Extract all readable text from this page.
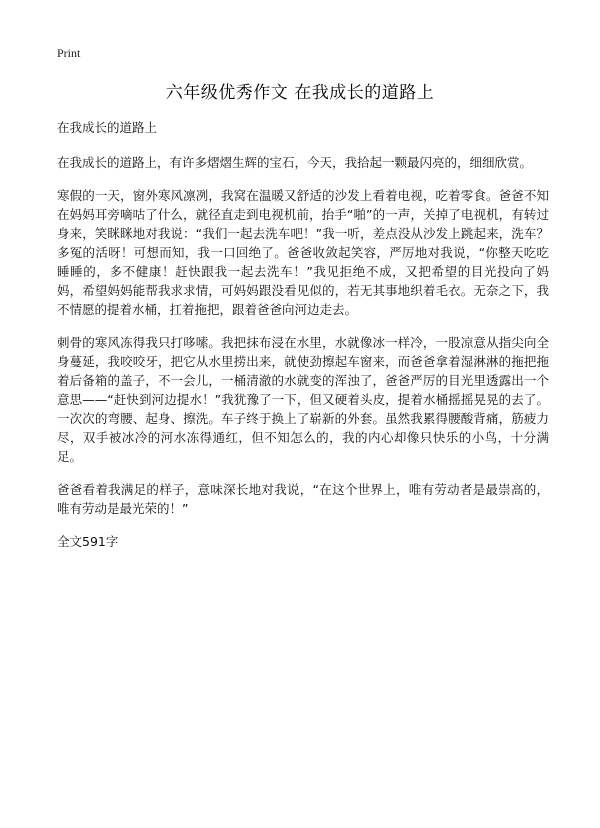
Print
六年级优秀作文 在我成长的道路上

在我成长的道路上

在我成长的道路上，有许多熠熠生辉的宝石，今天，我拾起一颗最闪亮的，细细欣赏。

寒假的一天，窗外寒风凛冽，我窝在温暖又舒适的沙发上看着电视，吃着零食。爸爸不知在妈妈耳旁嘀咕了什么，就径直走到电视机前，抬手“啪”的一声，关掉了电视机，有转过身来，笑眯眯地对我说：“我们一起去洗车吧！”我一听，差点没从沙发上跳起来，洗车？多冤的活呀！可想而知，我一口回绝了。爸爸收敛起笑容，严厉地对我说，“你整天吃吃睡睡的，多不健康！赶快跟我一起去洗车！”我见拒绝不成，又把希望的目光投向了妈妈，希望妈妈能帮我求求情，可妈妈跟没看见似的，若无其事地织着毛衣。无奈之下，我不情愿的提着水桶，扛着拖把，跟着爸爸向河边走去。

刺骨的寒风冻得我只打哆嗦。我把抹布浸在水里，水就像冰一样冷，一股凉意从指尖向全身蔓延，我咬咬牙，把它从水里捞出来，就使劲擦起车窗来，而爸爸拿着湿淋淋的拖把拖着后备箱的盖子，不一会儿，一桶清澈的水就变的浑浊了，爸爸严厉的目光里透露出一个意思——“赶快到河边提水！”我犹豫了一下，但又硬着头皮，提着水桶摇摇晃晃的去了。一次次的弯腰、起身、擦洗。车子终于换上了崭新的外套。虽然我累得腰酸背痛，筋疲力尽，双手被冰冷的河水冻得通红，但不知怎么的，我的内心却像只快乐的小鸟，十分满足。

爸爸看着我满足的样子，意味深长地对我说，“在这个世界上，唯有劳动者是最崇高的，唯有劳动是最光荣的！”

全文591字
